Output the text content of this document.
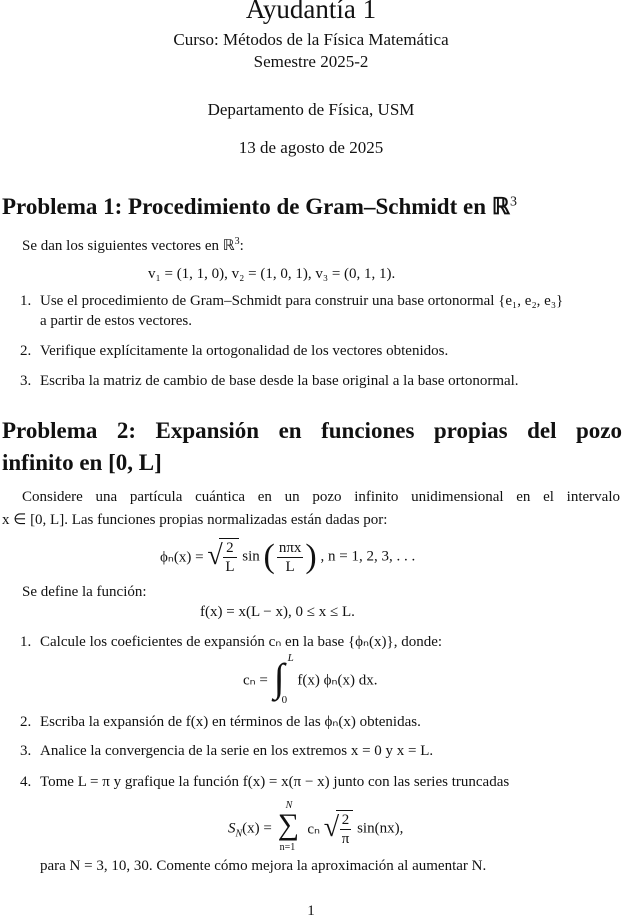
Ayudantía 1
Curso: Métodos de la Física Matemática
Semestre 2025-2
Departamento de Física, USM
13 de agosto de 2025
Problema 1: Procedimiento de Gram–Schmidt en ℝ$^3$
Se dan los siguientes vectores en ℝ$^3$:
v₁ = (1, 1, 0), v₂ = (1, 0, 1), v₃ = (0, 1, 1).
1. Use el procedimiento de Gram–Schmidt para construir una base ortonormal {e₁, e₂, e₃}
a partir de estos vectores.
2. Verifique explícitamente la ortogonalidad de los vectores obtenidos.
3. Escriba la matriz de cambio de base desde la base original a la base ortonormal.
Problema 2: Expansión en funciones propias del pozo
infinito en [0, L]
Considere una partícula cuántica en un pozo infinito unidimensional en el intervalo
x ∈ [0, L]. Las funciones propias normalizadas están dadas por:
ϕₙ(x) = √ $\frac{2}{L}$ sin ( $\frac{\text{nπx}}{L}$ ) , n = 1, 2, 3, . . .
Se define la función:
f(x) = x(L − x), 0 ≤ x ≤ L.
1. Calcule los coeficientes de expansión cₙ en la base {ϕₙ(x)}, donde:
cₙ = ∫ L
0
f(x) ϕₙ(x) dx.
2. Escriba la expansión de f(x) en términos de las ϕₙ(x) obtenidas.
3. Analice la convergencia de la serie en los extremos x = 0 y x = L.
4. Tome L = π y grafique la función f(x) = x(π − x) junto con las series truncadas
$S_N(x)$ = ∑
N
n=1
cₙ √ $\frac{2}{\pi} \sin(nx)$,
para N = 3, 10, 30. Comente cómo mejora la aproximación al aumentar N.
1
